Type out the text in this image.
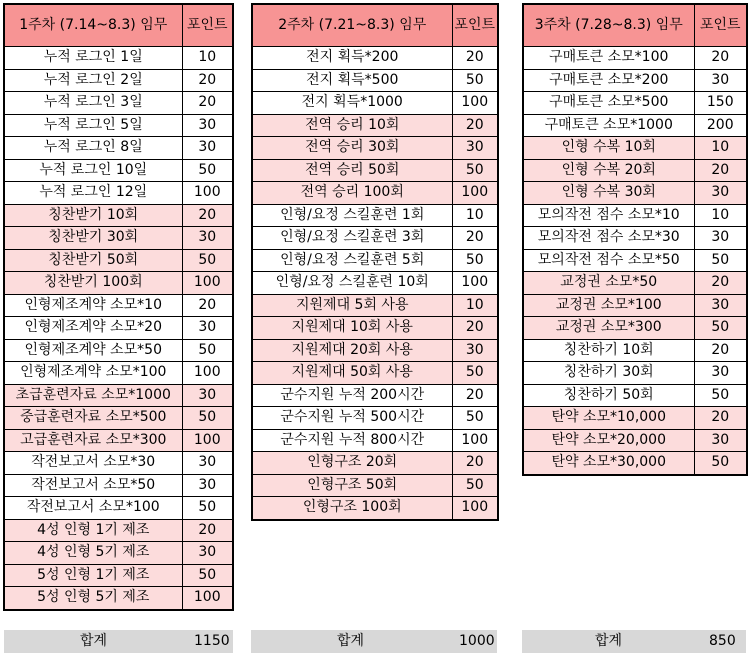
1주차 (7.14~8.3) 임무	포인트
누적 로그인 1일	10
누적 로그인 2일	20
누적 로그인 3일	20
누적 로그인 5일	30
누적 로그인 8일	30
누적 로그인 10일	50
누적 로그인 12일	100
칭찬받기 10회	20
칭찬받기 30회	30
칭찬받기 50회	50
칭찬받기 100회	100
인형제조계약 소모*10	20
인형제조계약 소모*20	30
인형제조계약 소모*50	50
인형제조계약 소모*100	100
초급훈련자료 소모*1000	30
중급훈련자료 소모*500	50
고급훈련자료 소모*300	100
작전보고서 소모*30	30
작전보고서 소모*50	30
작전보고서 소모*100	50
4성 인형 1기 제조	20
4성 인형 5기 제조	30
5성 인형 1기 제조	50
5성 인형 5기 제조	100
2주차 (7.21~8.3) 임무	포인트
전지 획득*200	20
전지 획득*500	50
전지 획득*1000	100
전역 승리 10회	20
전역 승리 30회	30
전역 승리 50회	50
전역 승리 100회	100
인형/요정 스킬훈련 1회	10
인형/요정 스킬훈련 3회	20
인형/요정 스킬훈련 5회	50
인형/요정 스킬훈련 10회	100
지원제대 5회 사용	10
지원제대 10회 사용	20
지원제대 20회 사용	30
지원제대 50회 사용	50
군수지원 누적 200시간	20
군수지원 누적 500시간	50
군수지원 누적 800시간	100
인형구조 20회	20
인형구조 50회	50
인형구조 100회	100
3주차 (7.28~8.3) 임무	포인트
구매토큰 소모*100	20
구매토큰 소모*200	30
구매토큰 소모*500	150
구매토큰 소모*1000	200
인형 수복 10회	10
인형 수복 20회	20
인형 수복 30회	30
모의작전 점수 소모*10	10
모의작전 점수 소모*30	30
모의작전 점수 소모*50	50
교정권 소모*50	20
교정권 소모*100	30
교정권 소모*300	50
칭찬하기 10회	20
칭찬하기 30회	30
칭찬하기 50회	50
탄약 소모*10,000	20
탄약 소모*20,000	30
탄약 소모*30,000	50
합계	1150	합계	1000	합계	850
